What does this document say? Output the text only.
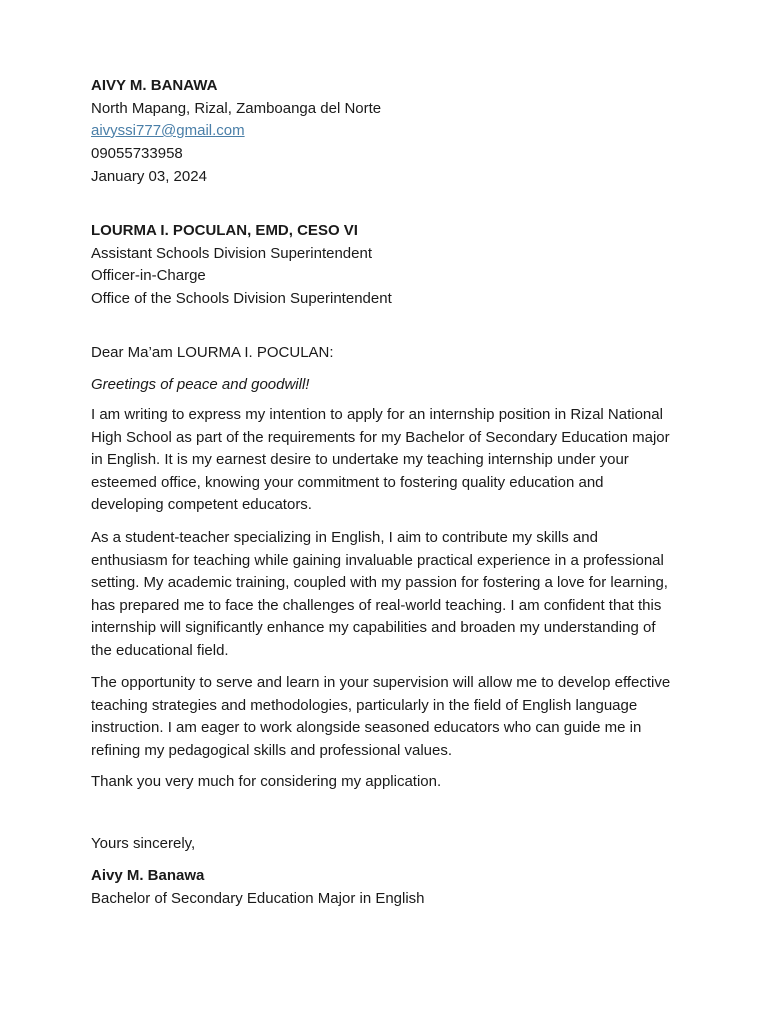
AIVY M. BANAWA
North Mapang, Rizal, Zamboanga del Norte
aivyssi777@gmail.com
09055733958
January 03, 2024
LOURMA I. POCULAN, EMD, CESO VI
Assistant Schools Division Superintendent
Officer-in-Charge
Office of the Schools Division Superintendent
Dear Ma’am LOURMA I. POCULAN:
Greetings of peace and goodwill!
I am writing to express my intention to apply for an internship position in Rizal National
High School as part of the requirements for my Bachelor of Secondary Education major
in English. It is my earnest desire to undertake my teaching internship under your
esteemed office, knowing your commitment to fostering quality education and
developing competent educators.
As a student-teacher specializing in English, I aim to contribute my skills and
enthusiasm for teaching while gaining invaluable practical experience in a professional
setting. My academic training, coupled with my passion for fostering a love for learning,
has prepared me to face the challenges of real-world teaching. I am confident that this
internship will significantly enhance my capabilities and broaden my understanding of
the educational field.
The opportunity to serve and learn in your supervision will allow me to develop effective
teaching strategies and methodologies, particularly in the field of English language
instruction. I am eager to work alongside seasoned educators who can guide me in
refining my pedagogical skills and professional values.
Thank you very much for considering my application.
Yours sincerely,
Aivy M. Banawa
Bachelor of Secondary Education Major in English
